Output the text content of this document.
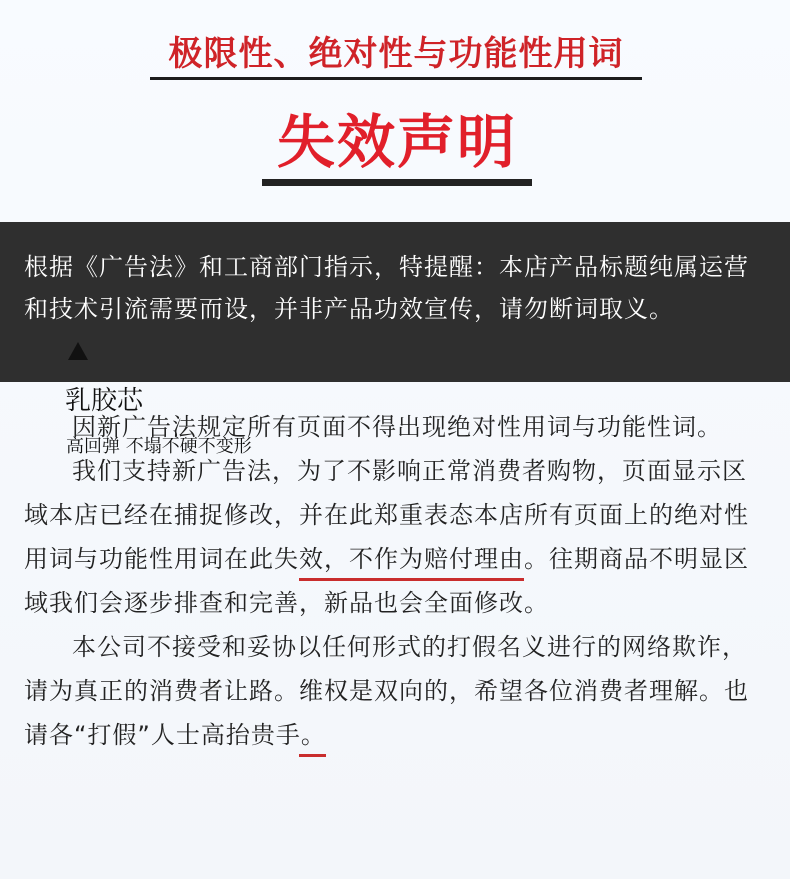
极限性、绝对性与功能性用词
失效声明
根据《广告法》和工商部门指示，特提醒：本店产品标题纯属运营和技术引流需要而设，并非产品功效宣传，请勿断词取义。
乳胶芯
高回弹 不塌不硬不变形

因新广告法规定所有页面不得出现绝对性用词与功能性词。

我们支持新广告法，为了不影响正常消费者购物，页面显示区域本店已经在捕捉修改，并在此郑重表态本店所有页面上的绝对性用词与功能性用词在此失效，不作为赔付理由。往期商品不明显区域我们会逐步排查和完善，新品也会全面修改。

本公司不接受和妥协以任何形式的打假名义进行的网络欺诈，请为真正的消费者让路。维权是双向的，希望各位消费者理解。也请各“打假”人士高抬贵手。
